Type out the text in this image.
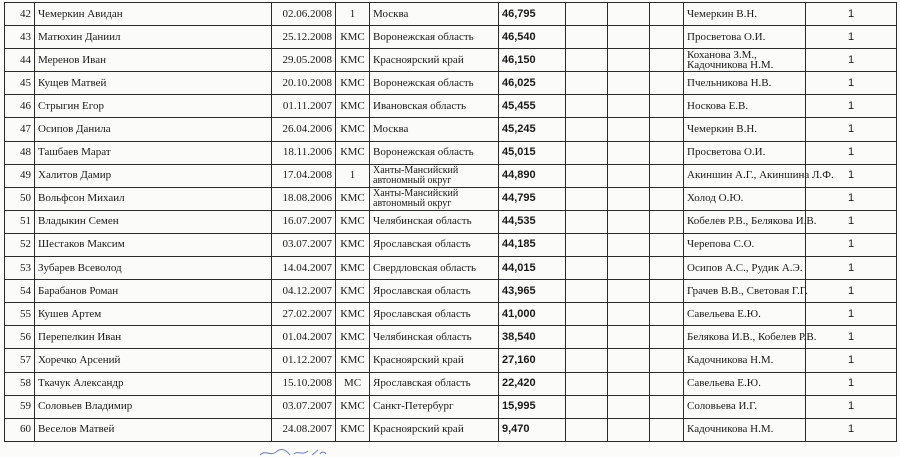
42	Чемеркин Авидан	02.06.2008	1	Москва	46,795				Чемеркин В.Н.	1
43	Матюхин Даниил	25.12.2008	КМС	Воронежская область	46,540				Просветова О.И.	1
44	Меренов Иван	29.05.2008	КМС	Красноярский край	46,150				Коханова З.М., Кадочникова Н.М.	1
45	Кущев Матвей	20.10.2008	КМС	Воронежская область	46,025				Пчельникова Н.В.	1
46	Стрыгин Егор	01.11.2007	КМС	Ивановская область	45,455				Носкова Е.В.	1
47	Осипов Данила	26.04.2006	КМС	Москва	45,245				Чемеркин В.Н.	1
48	Ташбаев Марат	18.11.2006	КМС	Воронежская область	45,015				Просветова О.И.	1
49	Халитов Дамир	17.04.2008	1	Ханты-Мансийский автономный округ	44,890				Акиншин А.Г., Акиншина Л.Ф.	1
50	Вольфсон Михаил	18.08.2006	КМС	Ханты-Мансийский автономный округ	44,795				Холод О.Ю.	1
51	Владыкин Семен	16.07.2007	КМС	Челябинская область	44,535				Кобелев Р.В., Белякова И.В.	1
52	Шестаков Максим	03.07.2007	КМС	Ярославская область	44,185				Черепова С.О.	1
53	Зубарев Всеволод	14.04.2007	КМС	Свердловская область	44,015				Осипов А.С., Рудик А.Э.	1
54	Барабанов Роман	04.12.2007	КМС	Ярославская область	43,965				Грачев В.В., Световая Г.Г.	1
55	Кушев Артем	27.02.2007	КМС	Ярославская область	41,000				Савельева Е.Ю.	1
56	Перепелкин Иван	01.04.2007	КМС	Челябинская область	38,540				Белякова И.В., Кобелев Р.В.	1
57	Хоречко Арсений	01.12.2007	КМС	Красноярский край	27,160				Кадочникова Н.М.	1
58	Ткачук Александр	15.10.2008	МС	Ярославская область	22,420				Савельева Е.Ю.	1
59	Соловьев Владимир	03.07.2007	КМС	Санкт-Петербург	15,995				Соловьева И.Г.	1
60	Веселов Матвей	24.08.2007	КМС	Красноярский край	9,470				Кадочникова Н.М.	1
